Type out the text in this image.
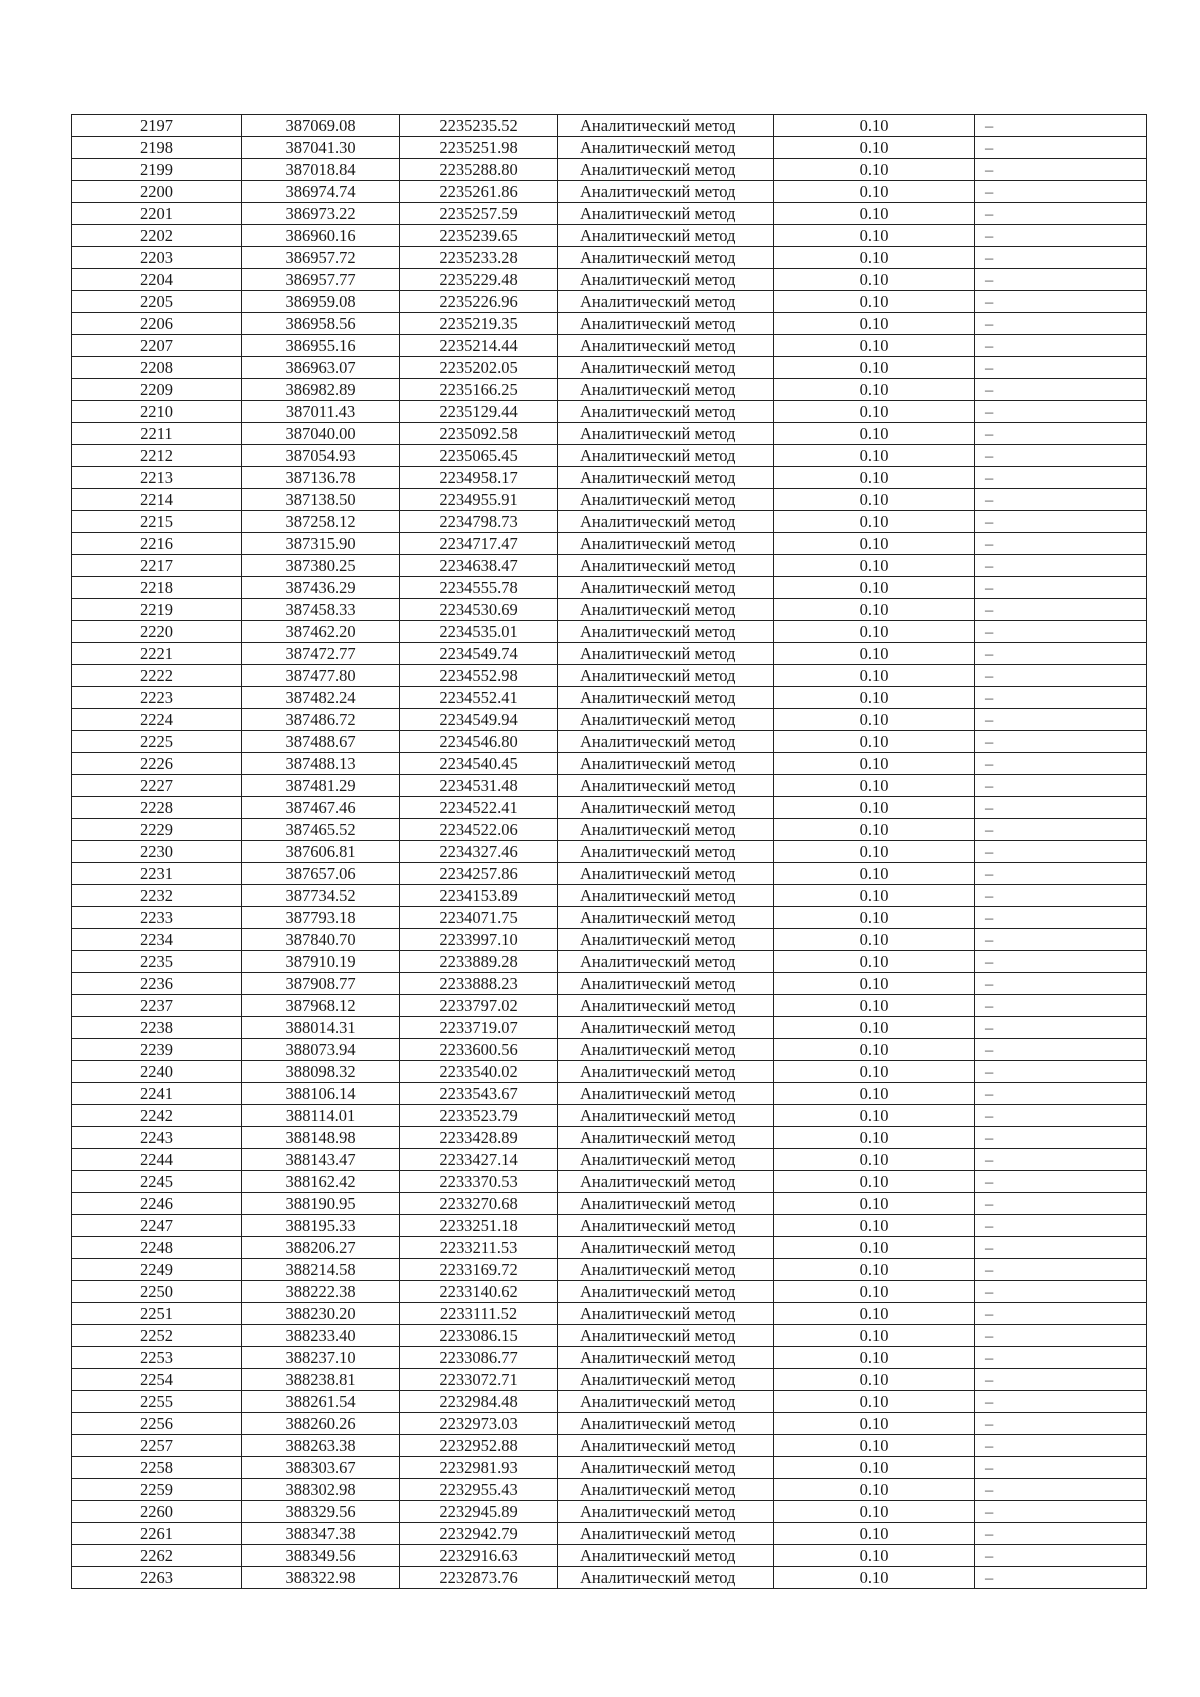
2197	387069.08	2235235.52	Аналитический метод	0.10	–
2198	387041.30	2235251.98	Аналитический метод	0.10	–
2199	387018.84	2235288.80	Аналитический метод	0.10	–
2200	386974.74	2235261.86	Аналитический метод	0.10	–
2201	386973.22	2235257.59	Аналитический метод	0.10	–
2202	386960.16	2235239.65	Аналитический метод	0.10	–
2203	386957.72	2235233.28	Аналитический метод	0.10	–
2204	386957.77	2235229.48	Аналитический метод	0.10	–
2205	386959.08	2235226.96	Аналитический метод	0.10	–
2206	386958.56	2235219.35	Аналитический метод	0.10	–
2207	386955.16	2235214.44	Аналитический метод	0.10	–
2208	386963.07	2235202.05	Аналитический метод	0.10	–
2209	386982.89	2235166.25	Аналитический метод	0.10	–
2210	387011.43	2235129.44	Аналитический метод	0.10	–
2211	387040.00	2235092.58	Аналитический метод	0.10	–
2212	387054.93	2235065.45	Аналитический метод	0.10	–
2213	387136.78	2234958.17	Аналитический метод	0.10	–
2214	387138.50	2234955.91	Аналитический метод	0.10	–
2215	387258.12	2234798.73	Аналитический метод	0.10	–
2216	387315.90	2234717.47	Аналитический метод	0.10	–
2217	387380.25	2234638.47	Аналитический метод	0.10	–
2218	387436.29	2234555.78	Аналитический метод	0.10	–
2219	387458.33	2234530.69	Аналитический метод	0.10	–
2220	387462.20	2234535.01	Аналитический метод	0.10	–
2221	387472.77	2234549.74	Аналитический метод	0.10	–
2222	387477.80	2234552.98	Аналитический метод	0.10	–
2223	387482.24	2234552.41	Аналитический метод	0.10	–
2224	387486.72	2234549.94	Аналитический метод	0.10	–
2225	387488.67	2234546.80	Аналитический метод	0.10	–
2226	387488.13	2234540.45	Аналитический метод	0.10	–
2227	387481.29	2234531.48	Аналитический метод	0.10	–
2228	387467.46	2234522.41	Аналитический метод	0.10	–
2229	387465.52	2234522.06	Аналитический метод	0.10	–
2230	387606.81	2234327.46	Аналитический метод	0.10	–
2231	387657.06	2234257.86	Аналитический метод	0.10	–
2232	387734.52	2234153.89	Аналитический метод	0.10	–
2233	387793.18	2234071.75	Аналитический метод	0.10	–
2234	387840.70	2233997.10	Аналитический метод	0.10	–
2235	387910.19	2233889.28	Аналитический метод	0.10	–
2236	387908.77	2233888.23	Аналитический метод	0.10	–
2237	387968.12	2233797.02	Аналитический метод	0.10	–
2238	388014.31	2233719.07	Аналитический метод	0.10	–
2239	388073.94	2233600.56	Аналитический метод	0.10	–
2240	388098.32	2233540.02	Аналитический метод	0.10	–
2241	388106.14	2233543.67	Аналитический метод	0.10	–
2242	388114.01	2233523.79	Аналитический метод	0.10	–
2243	388148.98	2233428.89	Аналитический метод	0.10	–
2244	388143.47	2233427.14	Аналитический метод	0.10	–
2245	388162.42	2233370.53	Аналитический метод	0.10	–
2246	388190.95	2233270.68	Аналитический метод	0.10	–
2247	388195.33	2233251.18	Аналитический метод	0.10	–
2248	388206.27	2233211.53	Аналитический метод	0.10	–
2249	388214.58	2233169.72	Аналитический метод	0.10	–
2250	388222.38	2233140.62	Аналитический метод	0.10	–
2251	388230.20	2233111.52	Аналитический метод	0.10	–
2252	388233.40	2233086.15	Аналитический метод	0.10	–
2253	388237.10	2233086.77	Аналитический метод	0.10	–
2254	388238.81	2233072.71	Аналитический метод	0.10	–
2255	388261.54	2232984.48	Аналитический метод	0.10	–
2256	388260.26	2232973.03	Аналитический метод	0.10	–
2257	388263.38	2232952.88	Аналитический метод	0.10	–
2258	388303.67	2232981.93	Аналитический метод	0.10	–
2259	388302.98	2232955.43	Аналитический метод	0.10	–
2260	388329.56	2232945.89	Аналитический метод	0.10	–
2261	388347.38	2232942.79	Аналитический метод	0.10	–
2262	388349.56	2232916.63	Аналитический метод	0.10	–
2263	388322.98	2232873.76	Аналитический метод	0.10	–
